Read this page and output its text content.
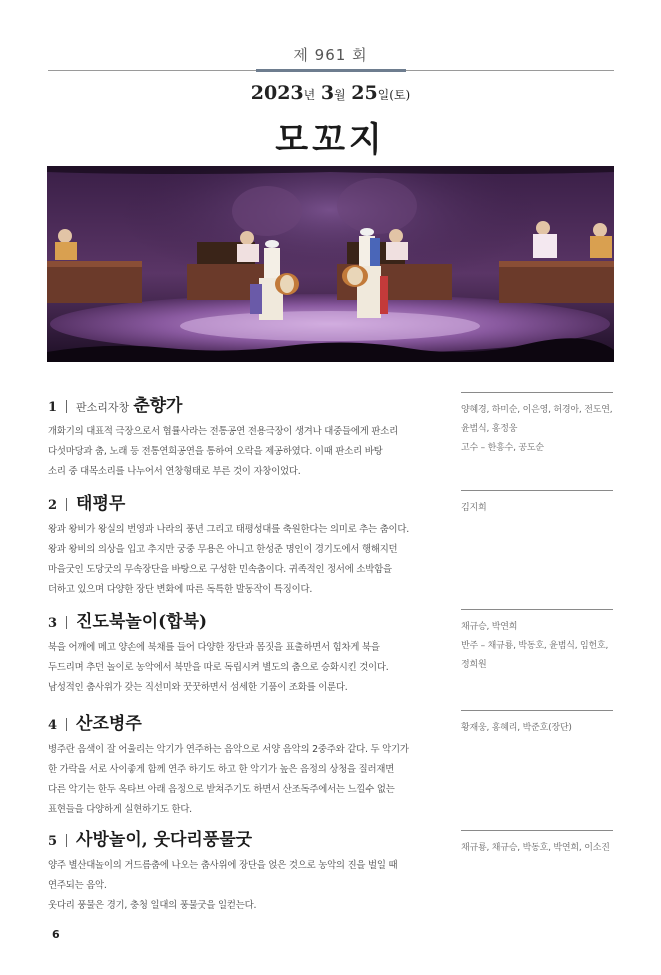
제 961 회
2023년 3월 25일(토)
모꼬지
1 판소리자창 춘향가
개화기의 대표적 극장으로서 협률사라는 전통공연 전용극장이 생겨나 대중들에게 판소리
다섯마당과 춤, 노래 등 전통연희공연을 통하여 오락을 제공하였다. 이때 판소리 바탕
소리 중 대목소리를 나누어서 연창형태로 부른 것이 자창이었다.
양혜경, 하미순, 이은영, 허경아, 전도연,
윤범식, 홍정웅
고수 – 한흥수, 공도순
2 태평무
왕과 왕비가 왕실의 번영과 나라의 풍년 그리고 태평성대를 축원한다는 의미로 추는 춤이다.
왕과 왕비의 의상을 입고 추지만 궁중 무용은 아니고 한성준 명인이 경기도에서 행해지던
마을굿인 도당굿의 무속장단을 바탕으로 구성한 민속춤이다. 귀족적인 정서에 소박함을
더하고 있으며 다양한 장단 변화에 따른 독특한 발동작이 특징이다.
김지희
3 진도북놀이(합북)
북을 어깨에 메고 양손에 북채를 들어 다양한 장단과 몸짓을 표출하면서 힘차게 북을
두드리며 추던 놀이로 농악에서 북만을 따로 독립시켜 별도의 춤으로 승화시킨 것이다.
남성적인 춤사위가 갖는 직선미와 꿋꿋하면서 섬세한 기품이 조화를 이룬다.
채규승, 박연희
반주 – 채규룡, 박동호, 윤범식, 임헌호,
정희원
4 산조병주
병주란 음색이 잘 어울리는 악기가 연주하는 음악으로 서양 음악의 2중주와 같다. 두 악기가
한 가락을 서로 사이좋게 함께 연주 하기도 하고 한 악기가 높은 음정의 상청을 질러재면
다른 악기는 한두 옥타브 아래 음정으로 받쳐주기도 하면서 산조독주에서는 느낄수 없는
표현들을 다양하게 실현하기도 한다.
황재웅, 홍혜리, 박준호(장단)
5 사방놀이, 웃다리풍물굿
양주 별산대놀이의 거드름춤에 나오는 춤사위에 장단을 얹은 것으로 농악의 진을 벌일 때
연주되는 음악.
웃다리 풍물은 경기, 충청 일대의 풍물굿을 일컫는다.
채규룡, 채규승, 박동호, 박연희, 이소진
6
